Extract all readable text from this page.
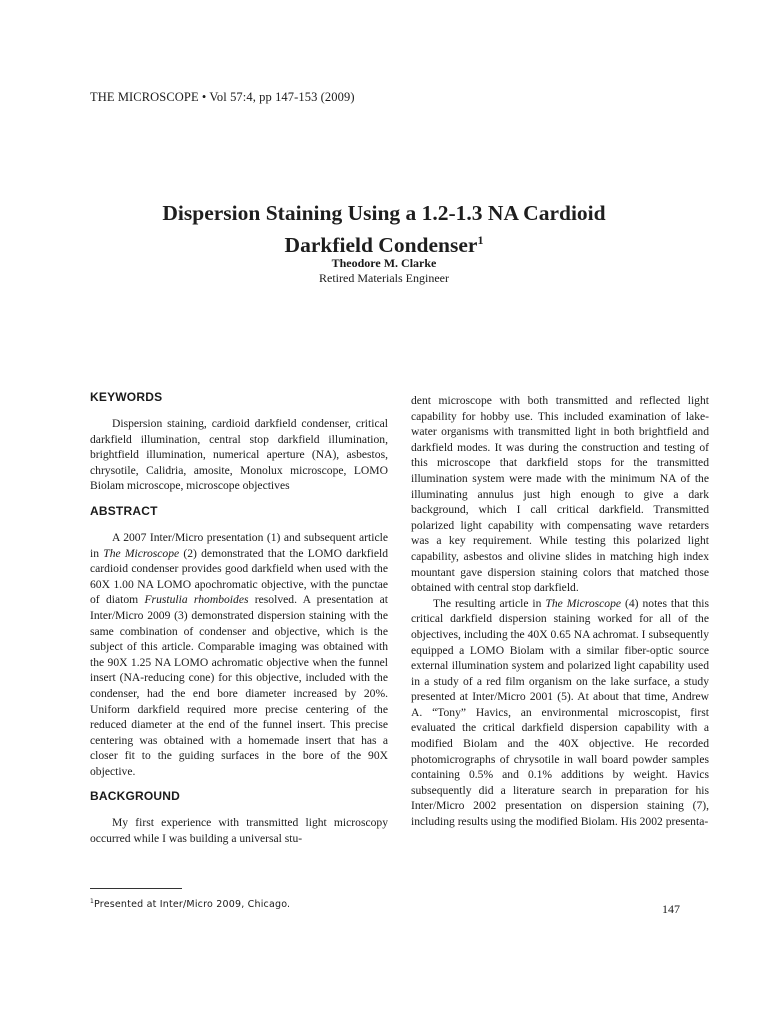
THE MICROSCOPE • Vol 57:4, pp 147-153 (2009)
Dispersion Staining Using a 1.2-1.3 NA Cardioid
Darkfield Condenser$^1$
Theodore M. Clarke
Retired Materials Engineer
KEYWORDS

Dispersion staining, cardioid darkfield condenser, critical darkfield illumination, central stop darkfield illumination, brightfield illumination, numerical aperture (NA), asbestos, chrysotile, Calidria, amosite, Monolux microscope, LOMO Biolam microscope, microscope objectives

ABSTRACT

A 2007 Inter/Micro presentation (1) and subsequent article in The Microscope (2) demonstrated that the LOMO darkfield cardioid condenser provides good darkfield when used with the 60X 1.00 NA LOMO apochromatic objective, with the punctae of diatom Frustulia rhomboides resolved. A presentation at Inter/Micro 2009 (3) demonstrated dispersion staining with the same combination of condenser and objective, which is the subject of this article. Comparable imaging was obtained with the 90X 1.25 NA LOMO achromatic objective when the funnel insert (NA-reducing cone) for this objective, included with the condenser, had the end bore diameter increased by 20%. Uniform darkfield required more precise centering of the reduced diameter at the end of the funnel insert. This precise centering was obtained with a homemade insert that has a closer fit to the guiding surfaces in the bore of the 90X objective.

BACKGROUND

My first experience with transmitted light microscopy occurred while I was building a universal stu-

dent microscope with both transmitted and reflected light capability for hobby use. This included examination of lake-water organisms with transmitted light in both brightfield and darkfield modes. It was during the construction and testing of this microscope that darkfield stops for the transmitted illumination system were made with the minimum NA of the illuminating annulus just high enough to give a dark background, which I call critical darkfield. Transmitted polarized light capability with compensating wave retarders was a key requirement. While testing this polarized light capability, asbestos and olivine slides in matching high index mountant gave dispersion staining colors that matched those obtained with central stop darkfield.

The resulting article in The Microscope (4) notes that this critical darkfield dispersion staining worked for all of the objectives, including the 40X 0.65 NA achromat. I subsequently equipped a LOMO Biolam with a similar fiber-optic source external illumination system and polarized light capability used in a study of a red film organism on the lake surface, a study presented at Inter/Micro 2001 (5). At about that time, Andrew A. “Tony” Havics, an environmental microscopist, first evaluated the critical darkfield dispersion capability with a modified Biolam and the 40X objective. He recorded photomicrographs of chrysotile in wall board powder samples containing 0.5% and 0.1% additions by weight. Havics subsequently did a literature search in preparation for his Inter/Micro 2002 presentation on dispersion staining (7), including results using the modified Biolam. His 2002 presenta-

$^1$Presented at Inter/Micro 2009, Chicago.	147
